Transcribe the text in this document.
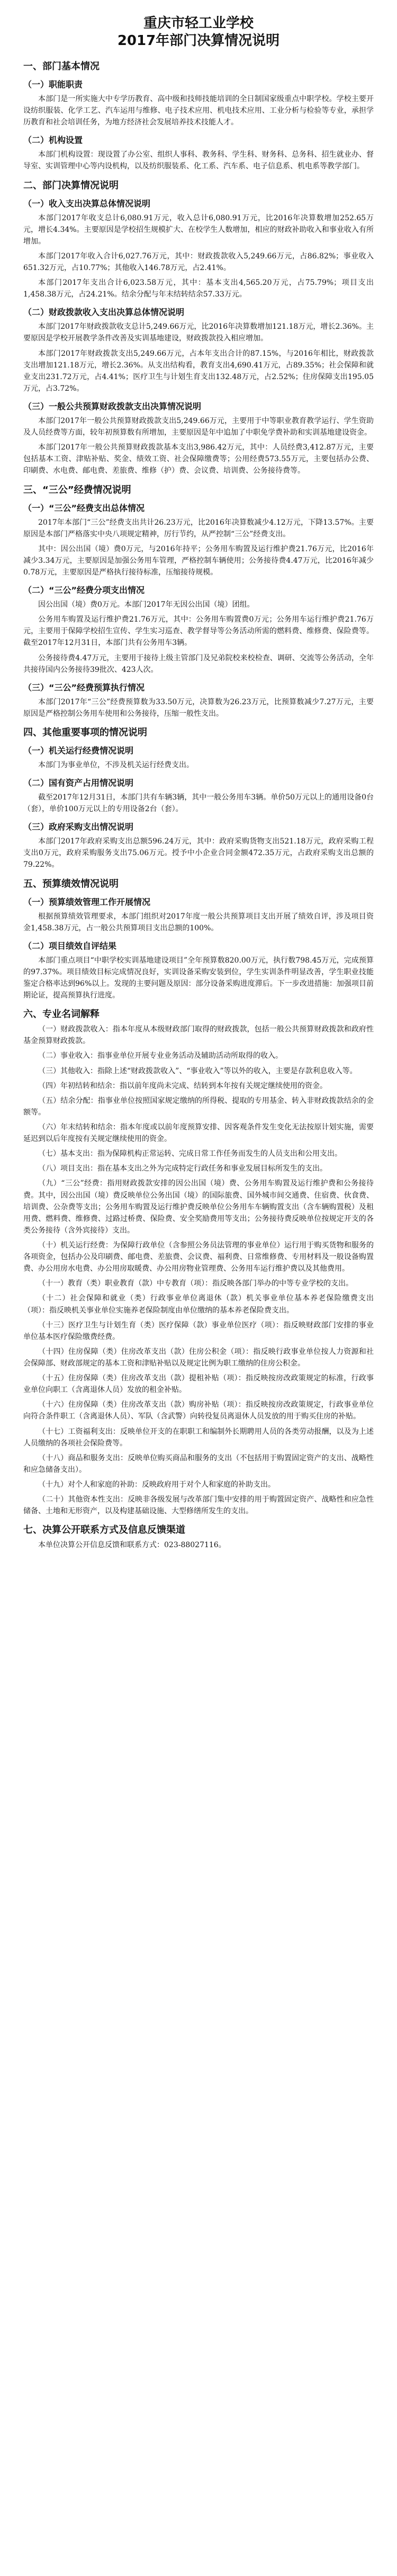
重庆市轻工业学校
2017年部门决算情况说明
一、部门基本情况
（一）职能职责
本部门是一所实施大中专学历教育、高中级和技师技能培训的全日制国家级重点中职学校。学校主要开设纺织服装、化学工艺、汽车运用与维修、电子技术应用、机电技术应用、工业分析与检验等专业，承担学历教育和社会培训任务，为地方经济社会发展培养技术技能人才。
（二）机构设置
本部门机构设置：现设置了办公室、组织人事科、教务科、学生科、财务科、总务科、招生就业办、督导室、实训管理中心等内设机构，以及纺织服装系、化工系、汽车系、电子信息系、机电系等教学部门。
二、部门决算情况说明
（一）收入支出决算总体情况说明
本部门2017年收支总计6,080.91万元，收入总计6,080.91万元，比2016年决算数增加252.65万元，增长4.34%。主要原因是学校招生规模扩大、在校学生人数增加，相应的财政补助收入和事业收入有所增加。
本部门2017年收入合计6,027.76万元，其中：财政拨款收入5,249.66万元，占86.82%；事业收入651.32万元，占10.77%；其他收入146.78万元，占2.41%。
本部门2017年支出合计6,023.58万元，其中：基本支出4,565.20万元，占75.79%；项目支出1,458.38万元，占24.21%。结余分配与年末结转结余57.33万元。
（二）财政拨款收入支出决算总体情况说明
本部门2017年财政拨款收支总计5,249.66万元，比2016年决算数增加121.18万元，增长2.36%。主要原因是学校开展教学条件改善及实训基地建设，财政拨款投入相应增加。
本部门2017年财政拨款支出5,249.66万元，占本年支出合计的87.15%，与2016年相比，财政拨款支出增加121.18万元，增长2.36%。从支出结构看，教育支出4,690.41万元，占89.35%；社会保障和就业支出231.72万元，占4.41%；医疗卫生与计划生育支出132.48万元，占2.52%；住房保障支出195.05万元，占3.72%。
（三）一般公共预算财政拨款支出决算情况说明
本部门2017年一般公共预算财政拨款支出5,249.66万元，主要用于中等职业教育教学运行、学生资助及人员经费等方面，较年初预算数有所增加，主要原因是年中追加了中职免学费补助和实训基地建设资金。
本部门2017年一般公共预算财政拨款基本支出3,986.42万元，其中：人员经费3,412.87万元，主要包括基本工资、津贴补贴、奖金、绩效工资、社会保障缴费等；公用经费573.55万元，主要包括办公费、印刷费、水电费、邮电费、差旅费、维修（护）费、会议费、培训费、公务接待费等。
三、“三公”经费情况说明
（一）“三公”经费支出总体情况
2017年本部门“三公”经费支出共计26.23万元，比2016年决算数减少4.12万元，下降13.57%。主要原因是本部门严格落实中央八项规定精神，厉行节约，从严控制“三公”经费支出。
其中：因公出国（境）费0万元，与2016年持平；公务用车购置及运行维护费21.76万元，比2016年减少3.34万元，主要原因是加强公务用车管理，严格控制车辆使用；公务接待费4.47万元，比2016年减少0.78万元，主要原因是严格执行接待标准，压缩接待规模。
（二）“三公”经费分项支出情况
因公出国（境）费0万元。本部门2017年无因公出国（境）团组。
公务用车购置及运行维护费21.76万元，其中：公务用车购置费0万元；公务用车运行维护费21.76万元，主要用于保障学校招生宣传、学生实习巡查、教学督导等公务活动所需的燃料费、维修费、保险费等。截至2017年12月31日，本部门共有公务用车3辆。
公务接待费4.47万元，主要用于接待上级主管部门及兄弟院校来校检查、调研、交流等公务活动，全年共接待国内公务接待39批次、423人次。
（三）“三公”经费预算执行情况
本部门2017年“三公”经费预算数为33.50万元，决算数为26.23万元，比预算数减少7.27万元，主要原因是严格控制公务用车使用和公务接待，压缩一般性支出。
四、其他重要事项的情况说明
（一）机关运行经费情况说明
本部门为事业单位，不涉及机关运行经费支出。
（二）国有资产占用情况说明
截至2017年12月31日，本部门共有车辆3辆，其中一般公务用车3辆。单价50万元以上的通用设备0台（套），单价100万元以上的专用设备2台（套）。
（三）政府采购支出情况说明
本部门2017年政府采购支出总额596.24万元，其中：政府采购货物支出521.18万元，政府采购工程支出0万元，政府采购服务支出75.06万元。授予中小企业合同金额472.35万元，占政府采购支出总额的79.22%。
五、预算绩效情况说明
（一）预算绩效管理工作开展情况
根据预算绩效管理要求，本部门组织对2017年度一般公共预算项目支出开展了绩效自评，涉及项目资金1,458.38万元，占一般公共预算项目支出总额的100%。
（二）项目绩效自评结果
本部门重点项目“中职学校实训基地建设项目”全年预算数820.00万元，执行数798.45万元，完成预算的97.37%。项目绩效目标完成情况良好，实训设备采购安装到位，学生实训条件明显改善，学生职业技能鉴定合格率达到96%以上。发现的主要问题及原因：部分设备采购进度滞后。下一步改进措施：加强项目前期论证，提高预算执行进度。
六、专业名词解释
（一）财政拨款收入：指本年度从本级财政部门取得的财政拨款，包括一般公共预算财政拨款和政府性基金预算财政拨款。
（二）事业收入：指事业单位开展专业业务活动及辅助活动所取得的收入。
（三）其他收入：指除上述“财政拨款收入”、“事业收入”等以外的收入，主要是存款利息收入等。
（四）年初结转和结余：指以前年度尚未完成、结转到本年按有关规定继续使用的资金。
（五）结余分配：指事业单位按照国家规定缴纳的所得税、提取的专用基金、转入非财政拨款结余的金额等。
（六）年末结转和结余：指本年度或以前年度预算安排、因客观条件发生变化无法按原计划实施，需要延迟到以后年度按有关规定继续使用的资金。
（七）基本支出：指为保障机构正常运转、完成日常工作任务而发生的人员支出和公用支出。
（八）项目支出：指在基本支出之外为完成特定行政任务和事业发展目标所发生的支出。
（九）“三公”经费：指用财政拨款安排的因公出国（境）费、公务用车购置及运行维护费和公务接待费。其中，因公出国（境）费反映单位公务出国（境）的国际旅费、国外城市间交通费、住宿费、伙食费、培训费、公杂费等支出；公务用车购置及运行维护费反映单位公务用车车辆购置支出（含车辆购置税）及租用费、燃料费、维修费、过路过桥费、保险费、安全奖励费用等支出；公务接待费反映单位按规定开支的各类公务接待（含外宾接待）支出。
（十）机关运行经费：为保障行政单位（含参照公务员法管理的事业单位）运行用于购买货物和服务的各项资金，包括办公及印刷费、邮电费、差旅费、会议费、福利费、日常维修费、专用材料及一般设备购置费、办公用房水电费、办公用房取暖费、办公用房物业管理费、公务用车运行维护费以及其他费用。
（十一）教育（类）职业教育（款）中专教育（项）：指反映各部门举办的中等专业学校的支出。
（十二）社会保障和就业（类）行政事业单位离退休（款）机关事业单位基本养老保险缴费支出（项）：指反映机关事业单位实施养老保险制度由单位缴纳的基本养老保险费支出。
（十三）医疗卫生与计划生育（类）医疗保障（款）事业单位医疗（项）：指反映财政部门安排的事业单位基本医疗保险缴费经费。
（十四）住房保障（类）住房改革支出（款）住房公积金（项）：指反映行政事业单位按人力资源和社会保障部、财政部规定的基本工资和津贴补贴以及规定比例为职工缴纳的住房公积金。
（十五）住房保障（类）住房改革支出（款）提租补贴（项）：指反映按房改政策规定的标准，行政事业单位向职工（含离退休人员）发放的租金补贴。
（十六）住房保障（类）住房改革支出（款）购房补贴（项）：指反映按房改政策规定，行政事业单位向符合条件职工（含离退休人员）、军队（含武警）向转役复员离退休人员发放的用于购买住房的补贴。
（十七）工资福利支出：反映单位开支的在职职工和编制外长期聘用人员的各类劳动报酬，以及为上述人员缴纳的各项社会保险费等。
（十八）商品和服务支出：反映单位购买商品和服务的支出（不包括用于购置固定资产的支出、战略性和应急储备支出）。
（十九）对个人和家庭的补助：反映政府用于对个人和家庭的补助支出。
（二十）其他资本性支出：反映非各级发展与改革部门集中安排的用于购置固定资产、战略性和应急性储备、土地和无形资产，以及构建基础设施、大型修缮所发生的支出。
七、决算公开联系方式及信息反馈渠道
本单位决算公开信息反馈和联系方式：023-88027116。
